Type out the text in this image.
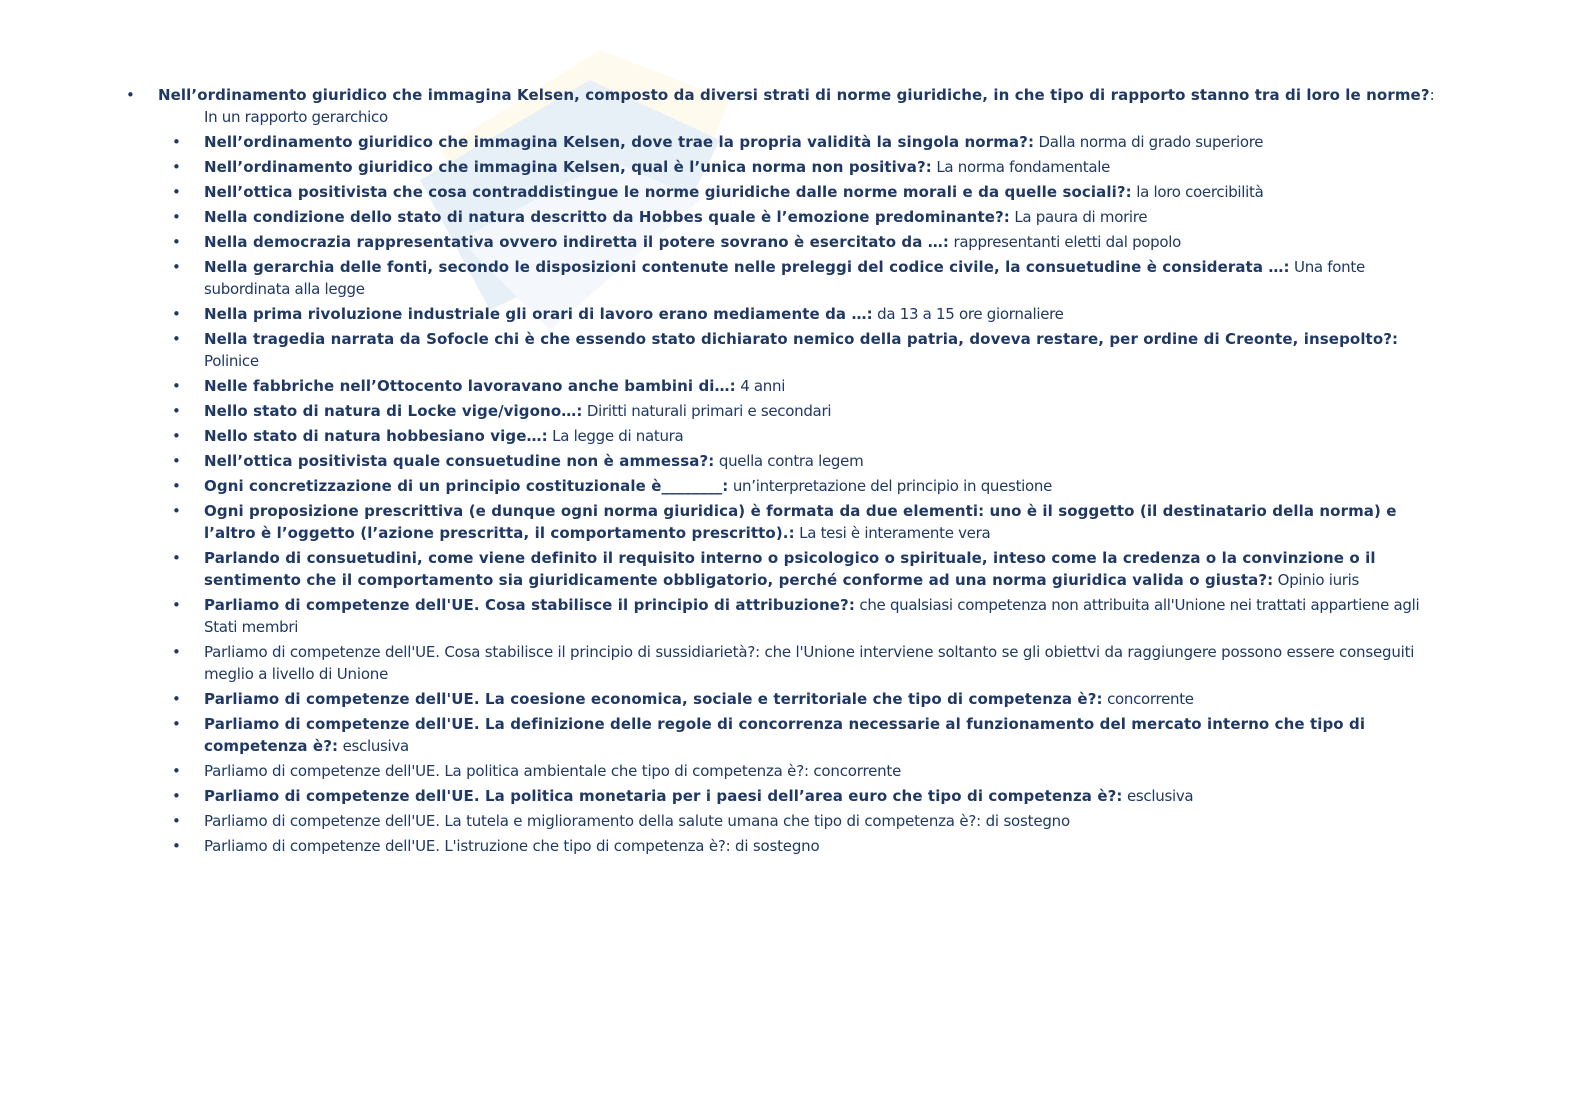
• Nell’ordinamento giuridico che immagina Kelsen, composto da diversi strati di norme giuridiche, in che tipo di rapporto stanno tra di loro le norme?:
In un rapporto gerarchico
• Nell’ordinamento giuridico che immagina Kelsen, dove trae la propria validità la singola norma?: Dalla norma di grado superiore
• Nell’ordinamento giuridico che immagina Kelsen, qual è l’unica norma non positiva?: La norma fondamentale
• Nell’ottica positivista che cosa contraddistingue le norme giuridiche dalle norme morali e da quelle sociali?: la loro coercibilità
• Nella condizione dello stato di natura descritto da Hobbes quale è l’emozione predominante?: La paura di morire
• Nella democrazia rappresentativa ovvero indiretta il potere sovrano è esercitato da …: rappresentanti eletti dal popolo
• Nella gerarchia delle fonti, secondo le disposizioni contenute nelle preleggi del codice civile, la consuetudine è considerata …: Una fonte subordinata alla legge
• Nella prima rivoluzione industriale gli orari di lavoro erano mediamente da …: da 13 a 15 ore giornaliere
• Nella tragedia narrata da Sofocle chi è che essendo stato dichiarato nemico della patria, doveva restare, per ordine di Creonte, insepolto?: Polinice
• Nelle fabbriche nell’Ottocento lavoravano anche bambini di…: 4 anni
• Nello stato di natura di Locke vige/vigono…: Diritti naturali primari e secondari
• Nello stato di natura hobbesiano vige…: La legge di natura
• Nell’ottica positivista quale consuetudine non è ammessa?: quella contra legem
• Ogni concretizzazione di un principio costituzionale è________: un’interpretazione del principio in questione
• Ogni proposizione prescrittiva (e dunque ogni norma giuridica) è formata da due elementi: uno è il soggetto (il destinatario della norma) e l’altro è l’oggetto (l’azione prescritta, il comportamento prescritto).: La tesi è interamente vera
• Parlando di consuetudini, come viene definito il requisito interno o psicologico o spirituale, inteso come la credenza o la convinzione o il sentimento che il comportamento sia giuridicamente obbligatorio, perché conforme ad una norma giuridica valida o giusta?: Opinio iuris
• Parliamo di competenze dell'UE. Cosa stabilisce il principio di attribuzione?: che qualsiasi competenza non attribuita all'Unione nei trattati appartiene agli Stati membri
• Parliamo di competenze dell'UE. Cosa stabilisce il principio di sussidiarietà?: che l'Unione interviene soltanto se gli obiettvi da raggiungere possono essere conseguiti meglio a livello di Unione
• Parliamo di competenze dell'UE. La coesione economica, sociale e territoriale che tipo di competenza è?: concorrente
• Parliamo di competenze dell'UE. La definizione delle regole di concorrenza necessarie al funzionamento del mercato interno che tipo di competenza è?: esclusiva
• Parliamo di competenze dell'UE. La politica ambientale che tipo di competenza è?: concorrente
• Parliamo di competenze dell'UE. La politica monetaria per i paesi dell’area euro che tipo di competenza è?: esclusiva
• Parliamo di competenze dell'UE. La tutela e miglioramento della salute umana che tipo di competenza è?: di sostegno
• Parliamo di competenze dell'UE. L'istruzione che tipo di competenza è?: di sostegno
